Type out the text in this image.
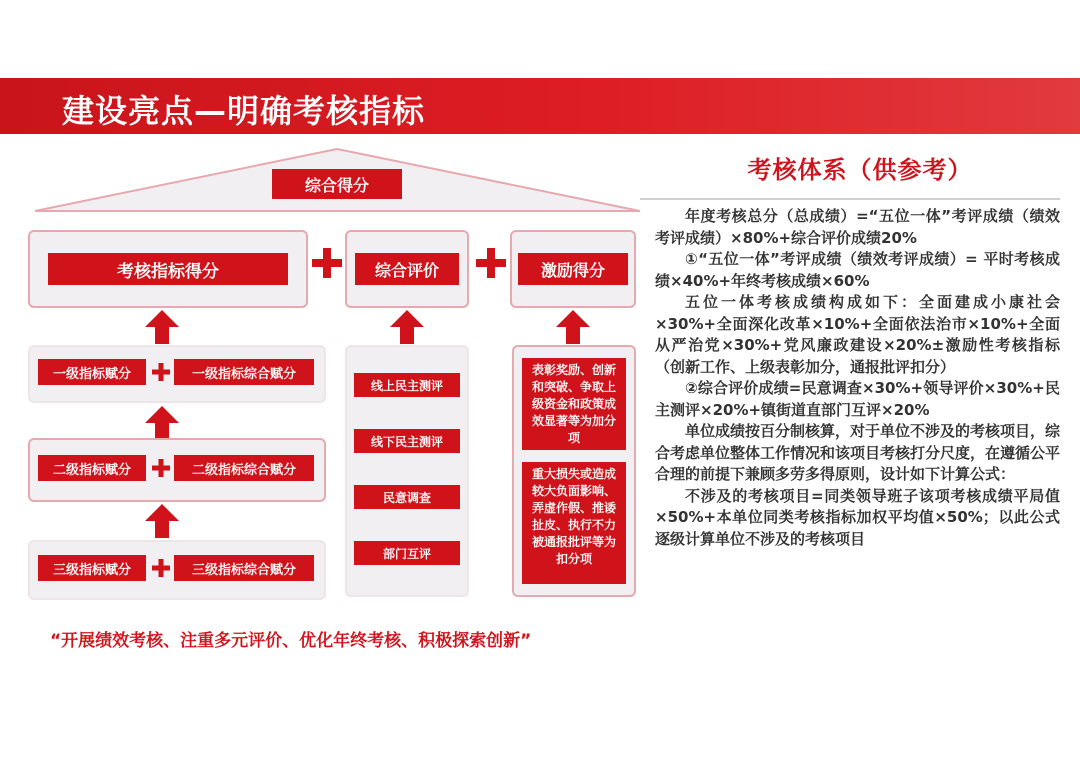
建设亮点—明确考核指标
综合得分
考核指标得分	综合评价	激励得分
一级指标赋分	一级指标综合赋分
二级指标赋分	二级指标综合赋分
三级指标赋分	三级指标综合赋分
线上民主测评
线下民主测评
民意调查
部门互评
表彰奖励、创新和突破、争取上级资金和政策成效显著等为加分项
重大损失或造成较大负面影响、弄虚作假、推诿扯皮、执行不力被通报批评等为扣分项
“开展绩效考核、注重多元评价、优化年终考核、积极探索创新”
考核体系（供参考）

年度考核总分（总成绩）=“五位一体”考评成绩（绩效考评成绩）×80%+综合评价成绩20%

①“五位一体”考评成绩（绩效考评成绩）= 平时考核成绩×40%+年终考核成绩×60%

五位一体考核成绩构成如下：全面建成小康社会×30%+全面深化改革×10%+全面依法治市×10%+全面从严治党×30%+党风廉政建设×20%±激励性考核指标（创新工作、上级表彰加分，通报批评扣分）

②综合评价成绩=民意调查×30%+领导评价×30%+民主测评×20%+镇街道直部门互评×20%

单位成绩按百分制核算，对于单位不涉及的考核项目，综合考虑单位整体工作情况和该项目考核打分尺度，在遵循公平合理的前提下兼顾多劳多得原则，设计如下计算公式：

不涉及的考核项目=同类领导班子该项考核成绩平局值×50%+本单位同类考核指标加权平均值×50%；以此公式逐级计算单位不涉及的考核项目
